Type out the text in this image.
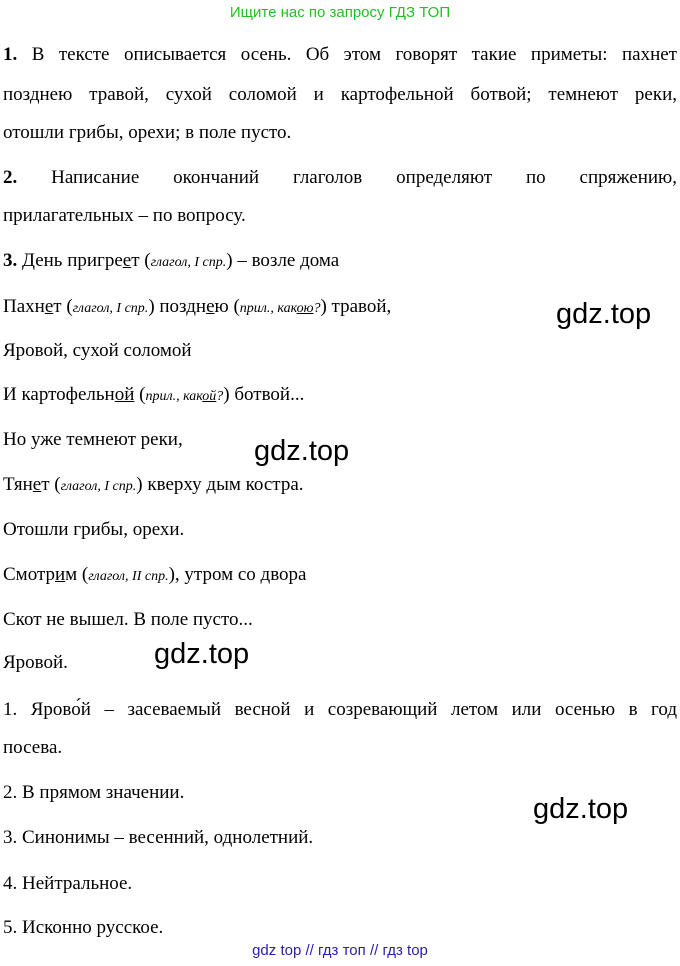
Ищите нас по запросу ГДЗ ТОП
1. В тексте описывается осень. Об этом говорят такие приметы: пахнет
позднею травой, сухой соломой и картофельной ботвой; темнеют реки,
отошли грибы, орехи; в поле пусто.
2. Написание окончаний глаголов определяют по спряжению,
прилагательных – по вопросу.
3. День пригреет (глагол, I спр.) – возле дома
Пахнет (глагол, I спр.) позднею (прил., какою?) травой,
Яровой, сухой соломой
И картофельной (прил., какой?) ботвой...
Но уже темнеют реки,
Тянет (глагол, I спр.) кверху дым костра.
Отошли грибы, орехи.
Смотрим (глагол, II спр.), утром со двора
Скот не вышел. В поле пусто...
Яровой.
1. Ярово́й – засеваемый весной и созревающий летом или осенью в год
посева.
2. В прямом значении.
3. Синонимы – весенний, однолетний.
4. Нейтральное.
5. Исконно русское.
gdz.top
gdz.top
gdz.top
gdz.top
gdz top // гдз топ // гдз top
